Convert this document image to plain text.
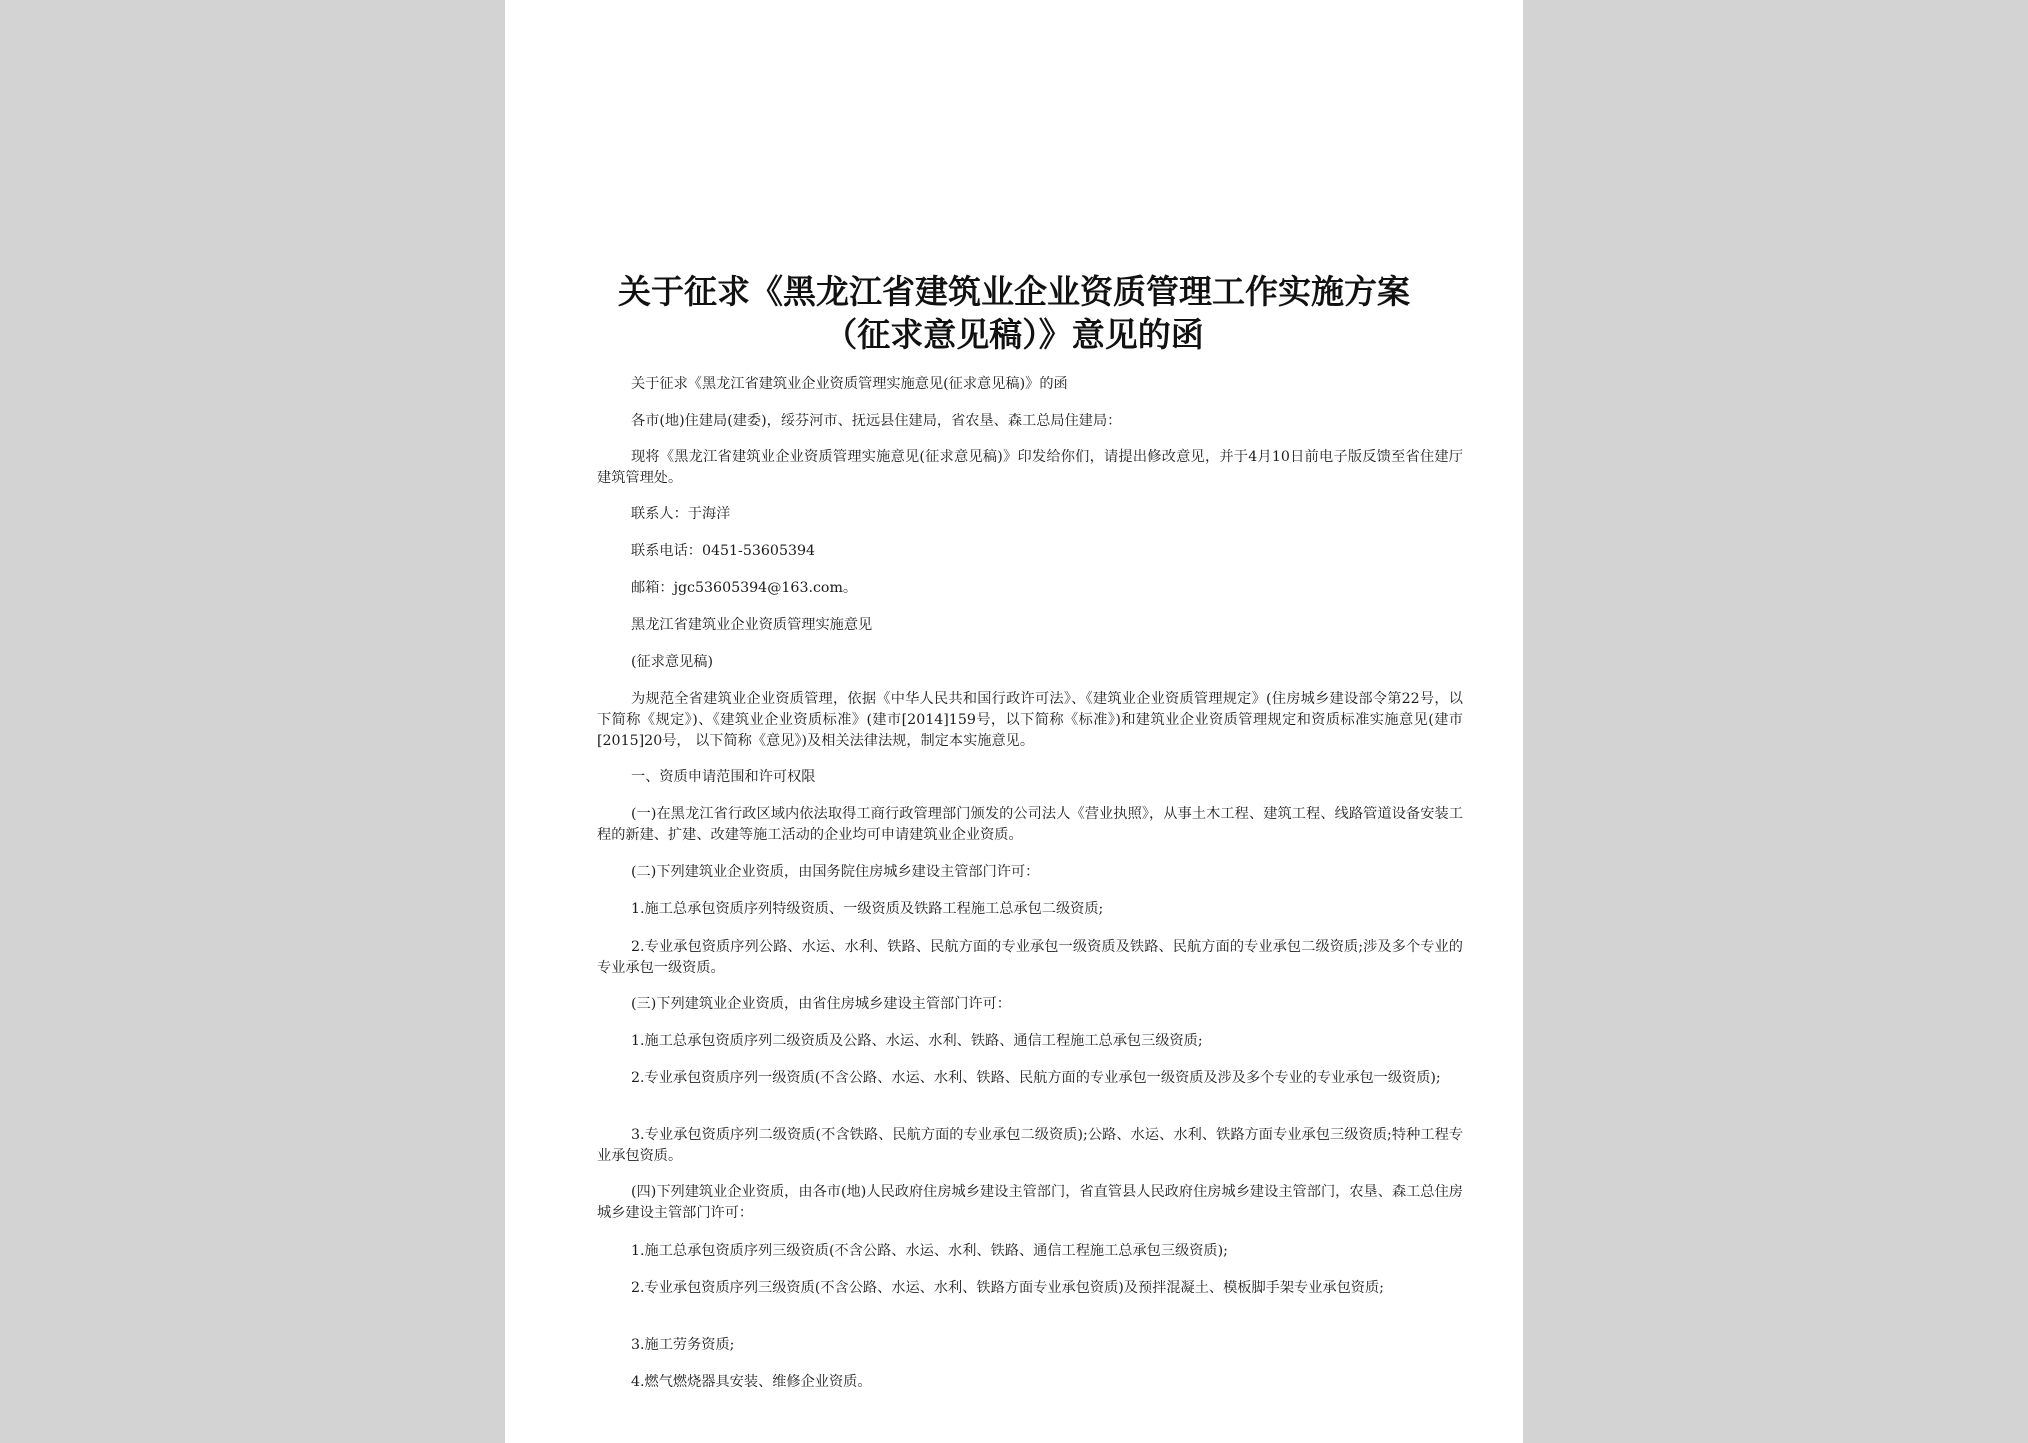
关于征求《黑龙江省建筑业企业资质管理工作实施方案
（征求意见稿）》意见的函
关于征求《黑龙江省建筑业企业资质管理实施意见(征求意见稿)》的函
各市(地)住建局(建委)，绥芬河市、抚远县住建局，省农垦、森工总局住建局：
现将《黑龙江省建筑业企业资质管理实施意见(征求意见稿)》印发给你们，请提出修改意见，并于4月10日前电子版反馈至省住建厅建筑管理处。
联系人：于海洋
联系电话：0451-53605394
邮箱：jgc53605394@163.com。
黑龙江省建筑业企业资质管理实施意见
(征求意见稿)
为规范全省建筑业企业资质管理，依据《中华人民共和国行政许可法》、《建筑业企业资质管理规定》(住房城乡建设部令第22号，以下简称《规定》)、《建筑业企业资质标准》(建市[2014]159号，以下简称《标准》)和建筑业企业资质管理规定和资质标准实施意见(建市[2015]20号， 以下简称《意见》)及相关法律法规，制定本实施意见。
一、资质申请范围和许可权限
(一)在黑龙江省行政区域内依法取得工商行政管理部门颁发的公司法人《营业执照》，从事土木工程、建筑工程、线路管道设备安装工程的新建、扩建、改建等施工活动的企业均可申请建筑业企业资质。
(二)下列建筑业企业资质，由国务院住房城乡建设主管部门许可：
1.施工总承包资质序列特级资质、一级资质及铁路工程施工总承包二级资质;
2.专业承包资质序列公路、水运、水利、铁路、民航方面的专业承包一级资质及铁路、民航方面的专业承包二级资质;涉及多个专业的专业承包一级资质。
(三)下列建筑业企业资质，由省住房城乡建设主管部门许可：
1.施工总承包资质序列二级资质及公路、水运、水利、铁路、通信工程施工总承包三级资质;
2.专业承包资质序列一级资质(不含公路、水运、水利、铁路、民航方面的专业承包一级资质及涉及多个专业的专业承包一级资质);
3.专业承包资质序列二级资质(不含铁路、民航方面的专业承包二级资质);公路、水运、水利、铁路方面专业承包三级资质;特种工程专业承包资质。
(四)下列建筑业企业资质，由各市(地)人民政府住房城乡建设主管部门，省直管县人民政府住房城乡建设主管部门，农垦、森工总住房城乡建设主管部门许可：
1.施工总承包资质序列三级资质(不含公路、水运、水利、铁路、通信工程施工总承包三级资质);
2.专业承包资质序列三级资质(不含公路、水运、水利、铁路方面专业承包资质)及预拌混凝土、模板脚手架专业承包资质;
3.施工劳务资质;
4.燃气燃烧器具安装、维修企业资质。
